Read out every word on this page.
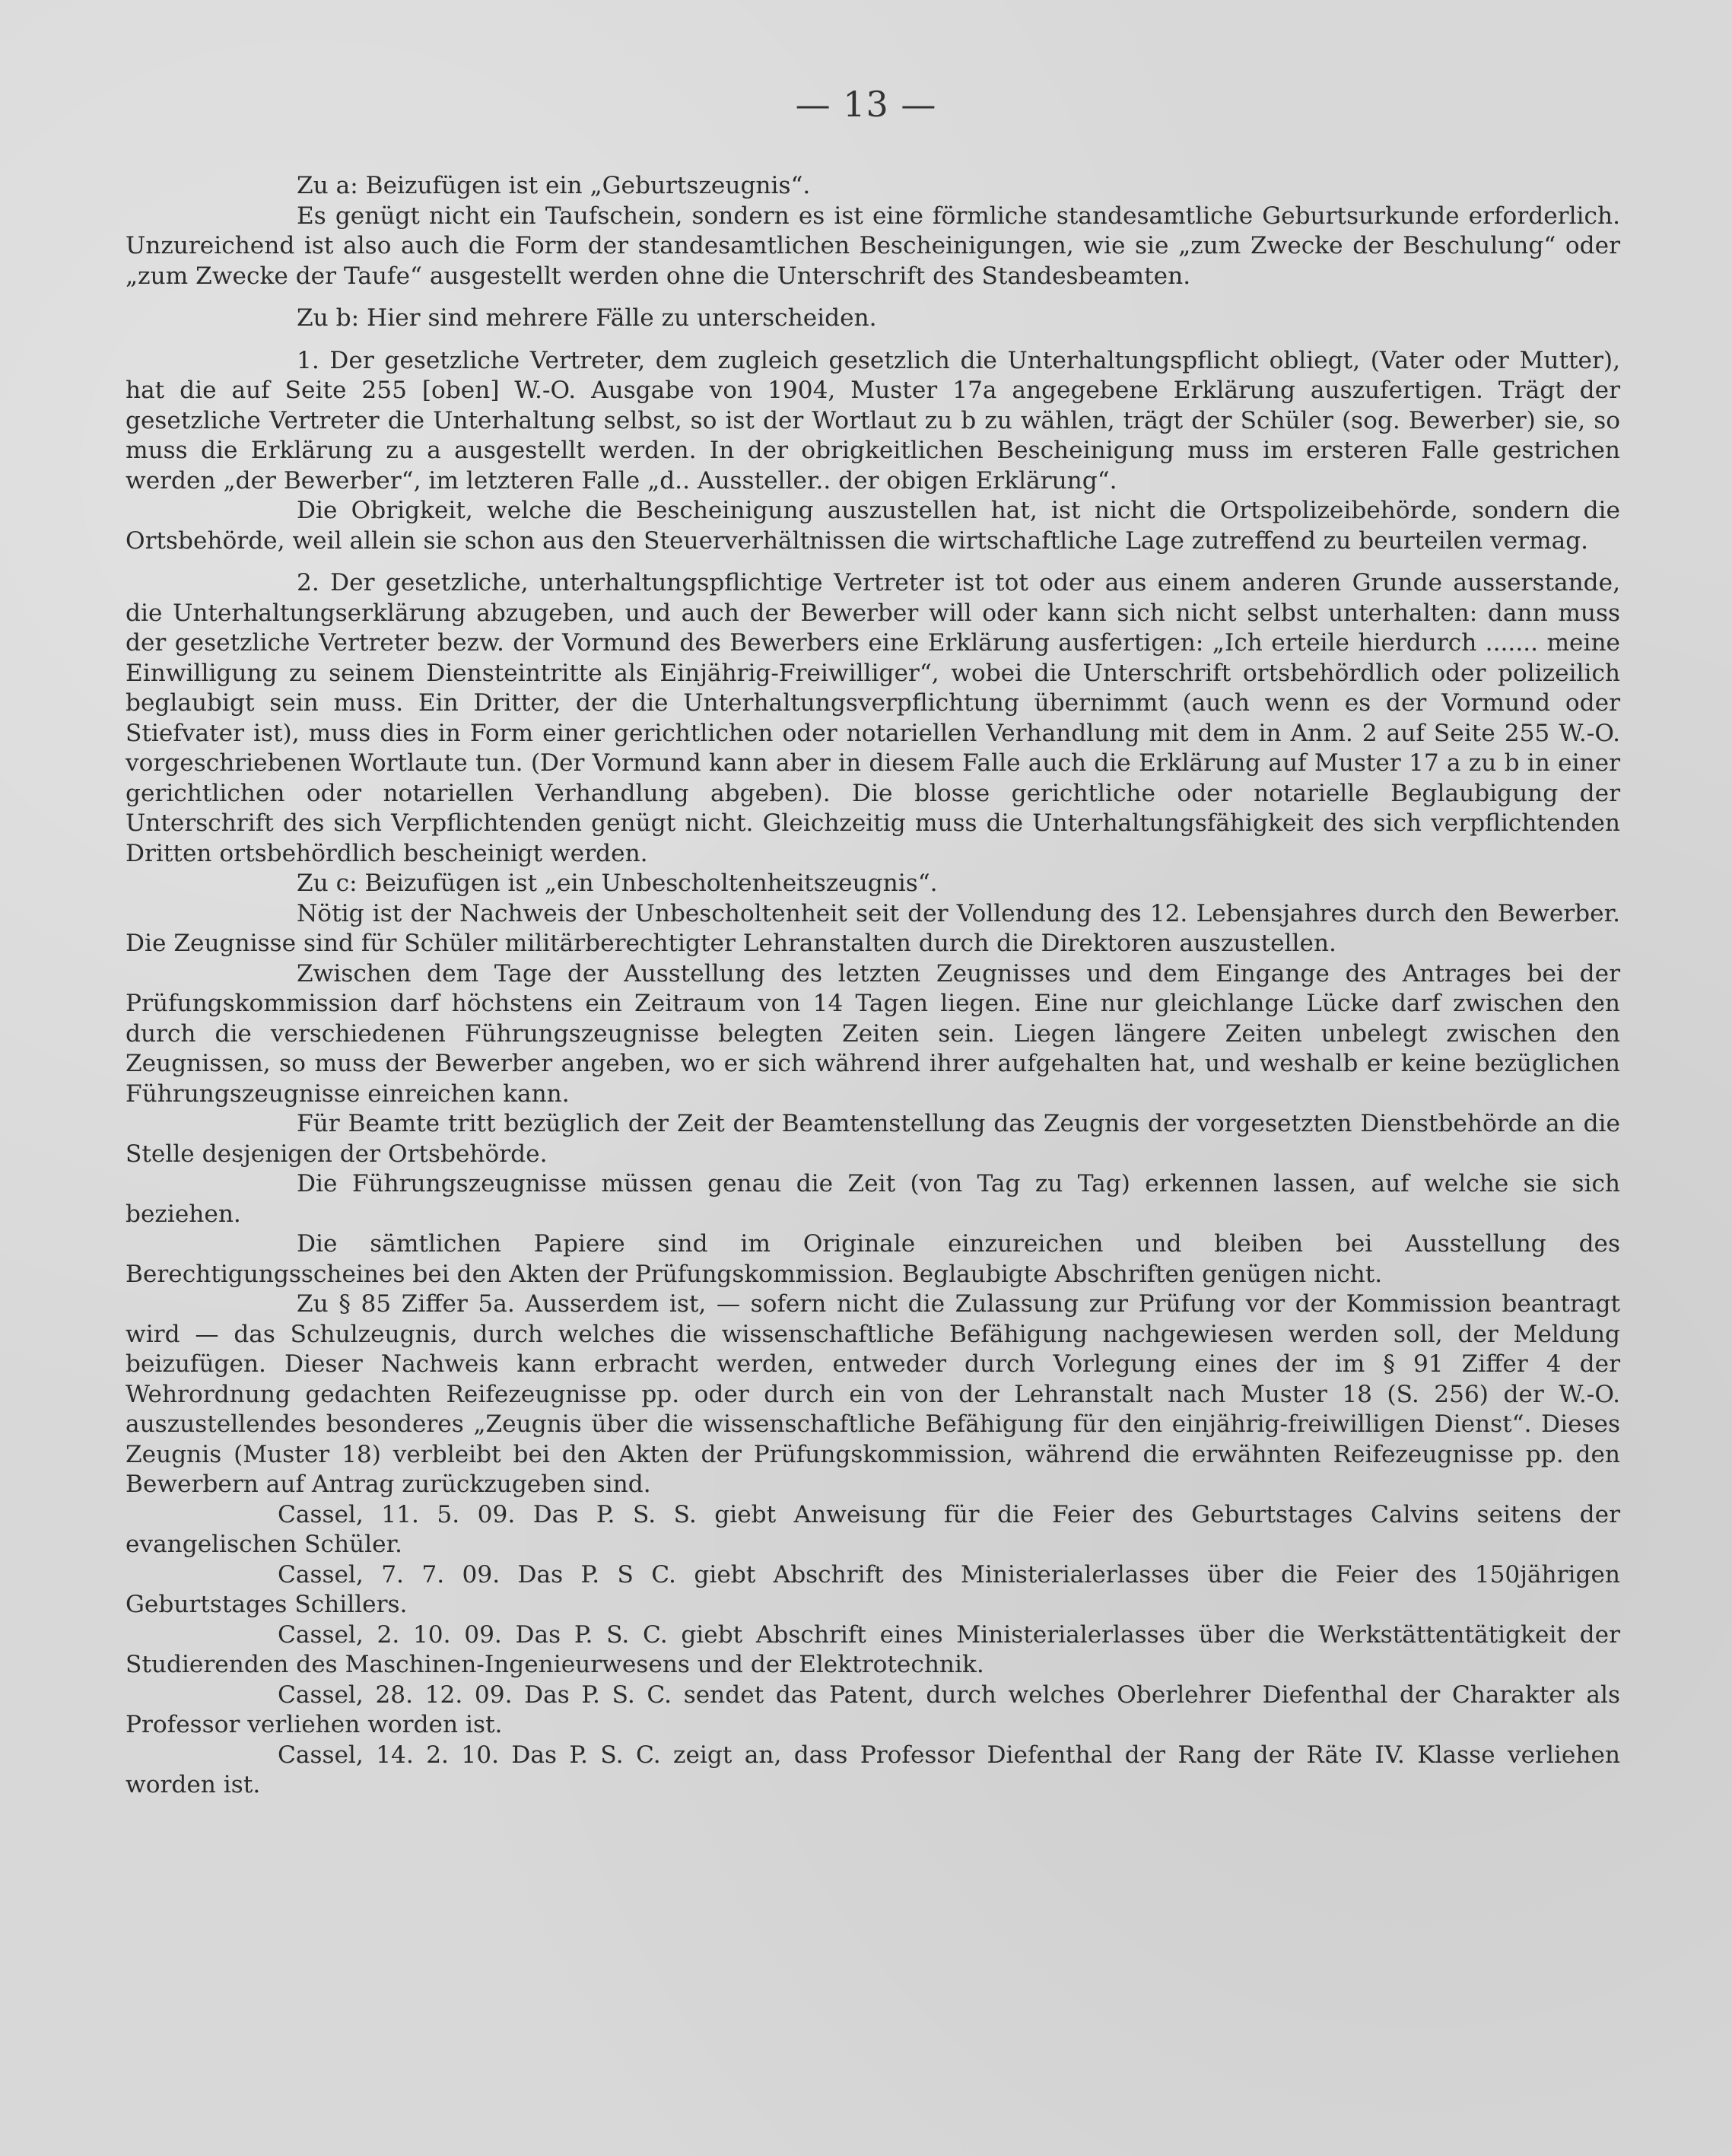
— 13 —

Zu a: Beizufügen ist ein „Geburtszeugnis“.

Es genügt nicht ein Taufschein, sondern es ist eine förmliche standesamtliche Geburtsurkunde erforderlich. Unzureichend ist also auch die Form der standesamtlichen Bescheinigungen, wie sie „zum Zwecke der Beschulung“ oder „zum Zwecke der Taufe“ ausgestellt werden ohne die Unterschrift des Standesbeamten.

Zu b: Hier sind mehrere Fälle zu unterscheiden.

1. Der gesetzliche Vertreter, dem zugleich gesetzlich die Unterhaltungspflicht obliegt, (Vater oder Mutter), hat die auf Seite 255 [oben] W.-O. Ausgabe von 1904, Muster 17a angegebene Erklärung auszufertigen. Trägt der gesetzliche Vertreter die Unterhaltung selbst, so ist der Wortlaut zu b zu wählen, trägt der Schüler (sog. Bewerber) sie, so muss die Erklärung zu a ausgestellt werden. In der obrigkeitlichen Bescheinigung muss im ersteren Falle gestrichen werden „der Bewerber“, im letzteren Falle „d.. Aussteller.. der obigen Erklärung“.

Die Obrigkeit, welche die Bescheinigung auszustellen hat, ist nicht die Ortspolizeibehörde, sondern die Ortsbehörde, weil allein sie schon aus den Steuerverhältnissen die wirtschaftliche Lage zutreffend zu beurteilen vermag.

2. Der gesetzliche, unterhaltungspflichtige Vertreter ist tot oder aus einem anderen Grunde ausserstande, die Unterhaltungserklärung abzugeben, und auch der Bewerber will oder kann sich nicht selbst unterhalten: dann muss der gesetzliche Vertreter bezw. der Vormund des Bewerbers eine Erklärung ausfertigen: „Ich erteile hierdurch ....... meine Einwilligung zu seinem Diensteintritte als Einjährig-Freiwilliger“, wobei die Unterschrift ortsbehördlich oder polizeilich beglaubigt sein muss. Ein Dritter, der die Unterhaltungsverpflichtung übernimmt (auch wenn es der Vormund oder Stiefvater ist), muss dies in Form einer gerichtlichen oder notariellen Verhandlung mit dem in Anm. 2 auf Seite 255 W.-O. vorgeschriebenen Wortlaute tun. (Der Vormund kann aber in diesem Falle auch die Erklärung auf Muster 17 a zu b in einer gerichtlichen oder notariellen Verhandlung abgeben). Die blosse gerichtliche oder notarielle Beglaubigung der Unterschrift des sich Verpflichtenden genügt nicht. Gleichzeitig muss die Unterhaltungsfähigkeit des sich verpflichtenden Dritten ortsbehördlich bescheinigt werden.

Zu c: Beizufügen ist „ein Unbescholtenheitszeugnis“.

Nötig ist der Nachweis der Unbescholtenheit seit der Vollendung des 12. Lebensjahres durch den Bewerber. Die Zeugnisse sind für Schüler militärberechtigter Lehranstalten durch die Direktoren auszustellen.

Zwischen dem Tage der Ausstellung des letzten Zeugnisses und dem Eingange des Antrages bei der Prüfungskommission darf höchstens ein Zeitraum von 14 Tagen liegen. Eine nur gleichlange Lücke darf zwischen den durch die verschiedenen Führungszeugnisse belegten Zeiten sein. Liegen längere Zeiten unbelegt zwischen den Zeugnissen, so muss der Bewerber angeben, wo er sich während ihrer aufgehalten hat, und weshalb er keine bezüglichen Führungszeugnisse einreichen kann.

Für Beamte tritt bezüglich der Zeit der Beamtenstellung das Zeugnis der vorgesetzten Dienstbehörde an die Stelle desjenigen der Ortsbehörde.

Die Führungszeugnisse müssen genau die Zeit (von Tag zu Tag) erkennen lassen, auf welche sie sich beziehen.

Die sämtlichen Papiere sind im Originale einzureichen und bleiben bei Ausstellung des Berechtigungsscheines bei den Akten der Prüfungskommission. Beglaubigte Abschriften genügen nicht.

Zu § 85 Ziffer 5a. Ausserdem ist, — sofern nicht die Zulassung zur Prüfung vor der Kommission beantragt wird — das Schulzeugnis, durch welches die wissenschaftliche Befähigung nachgewiesen werden soll, der Meldung beizufügen. Dieser Nachweis kann erbracht werden, entweder durch Vorlegung eines der im § 91 Ziffer 4 der Wehrordnung gedachten Reifezeugnisse pp. oder durch ein von der Lehranstalt nach Muster 18 (S. 256) der W.-O. auszustellendes besonderes „Zeugnis über die wissenschaftliche Befähigung für den einjährig-freiwilligen Dienst“. Dieses Zeugnis (Muster 18) verbleibt bei den Akten der Prüfungskommission, während die erwähnten Reifezeugnisse pp. den Bewerbern auf Antrag zurückzugeben sind.

Cassel, 11. 5. 09. Das P. S. S. giebt Anweisung für die Feier des Geburtstages Calvins seitens der evangelischen Schüler.

Cassel, 7. 7. 09. Das P. S C. giebt Abschrift des Ministerialerlasses über die Feier des 150jährigen Geburtstages Schillers.

Cassel, 2. 10. 09. Das P. S. C. giebt Abschrift eines Ministerialerlasses über die Werkstättentätigkeit der Studierenden des Maschinen-Ingenieurwesens und der Elektrotechnik.

Cassel, 28. 12. 09. Das P. S. C. sendet das Patent, durch welches Oberlehrer Diefenthal der Charakter als Professor verliehen worden ist.

Cassel, 14. 2. 10. Das P. S. C. zeigt an, dass Professor Diefenthal der Rang der Räte IV. Klasse verliehen worden ist.
